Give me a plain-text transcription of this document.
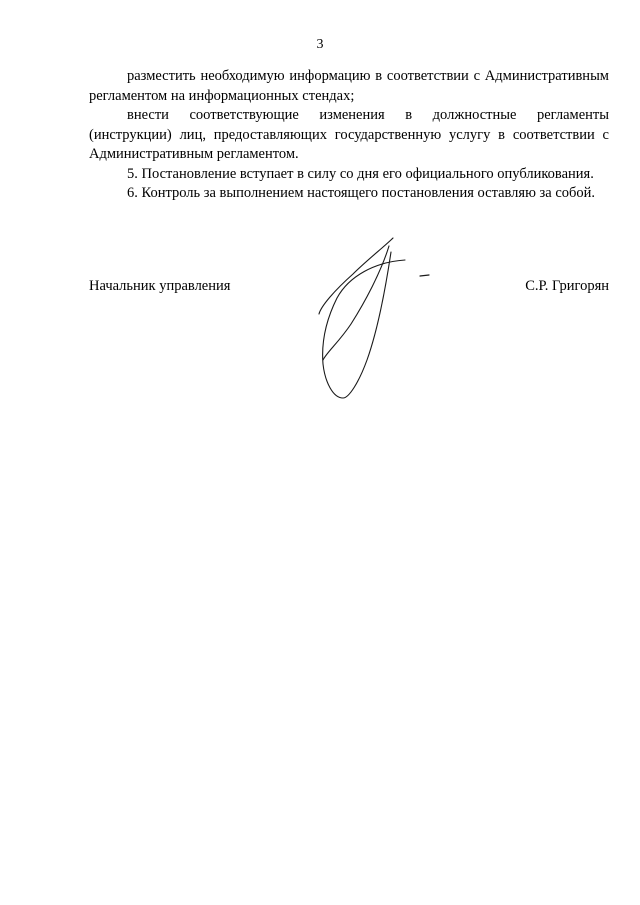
3

разместить необходимую информацию в соответствии с Административным регламентом на информационных стендах;

внести соответствующие изменения в должностные регламенты (инструкции) лиц, предоставляющих государственную услугу в соответствии с Административным регламентом.

5. Постановление вступает в силу со дня его официального опубликования.

6. Контроль за выполнением настоящего постановления оставляю за собой.

Начальник управления	С.Р. Григорян
